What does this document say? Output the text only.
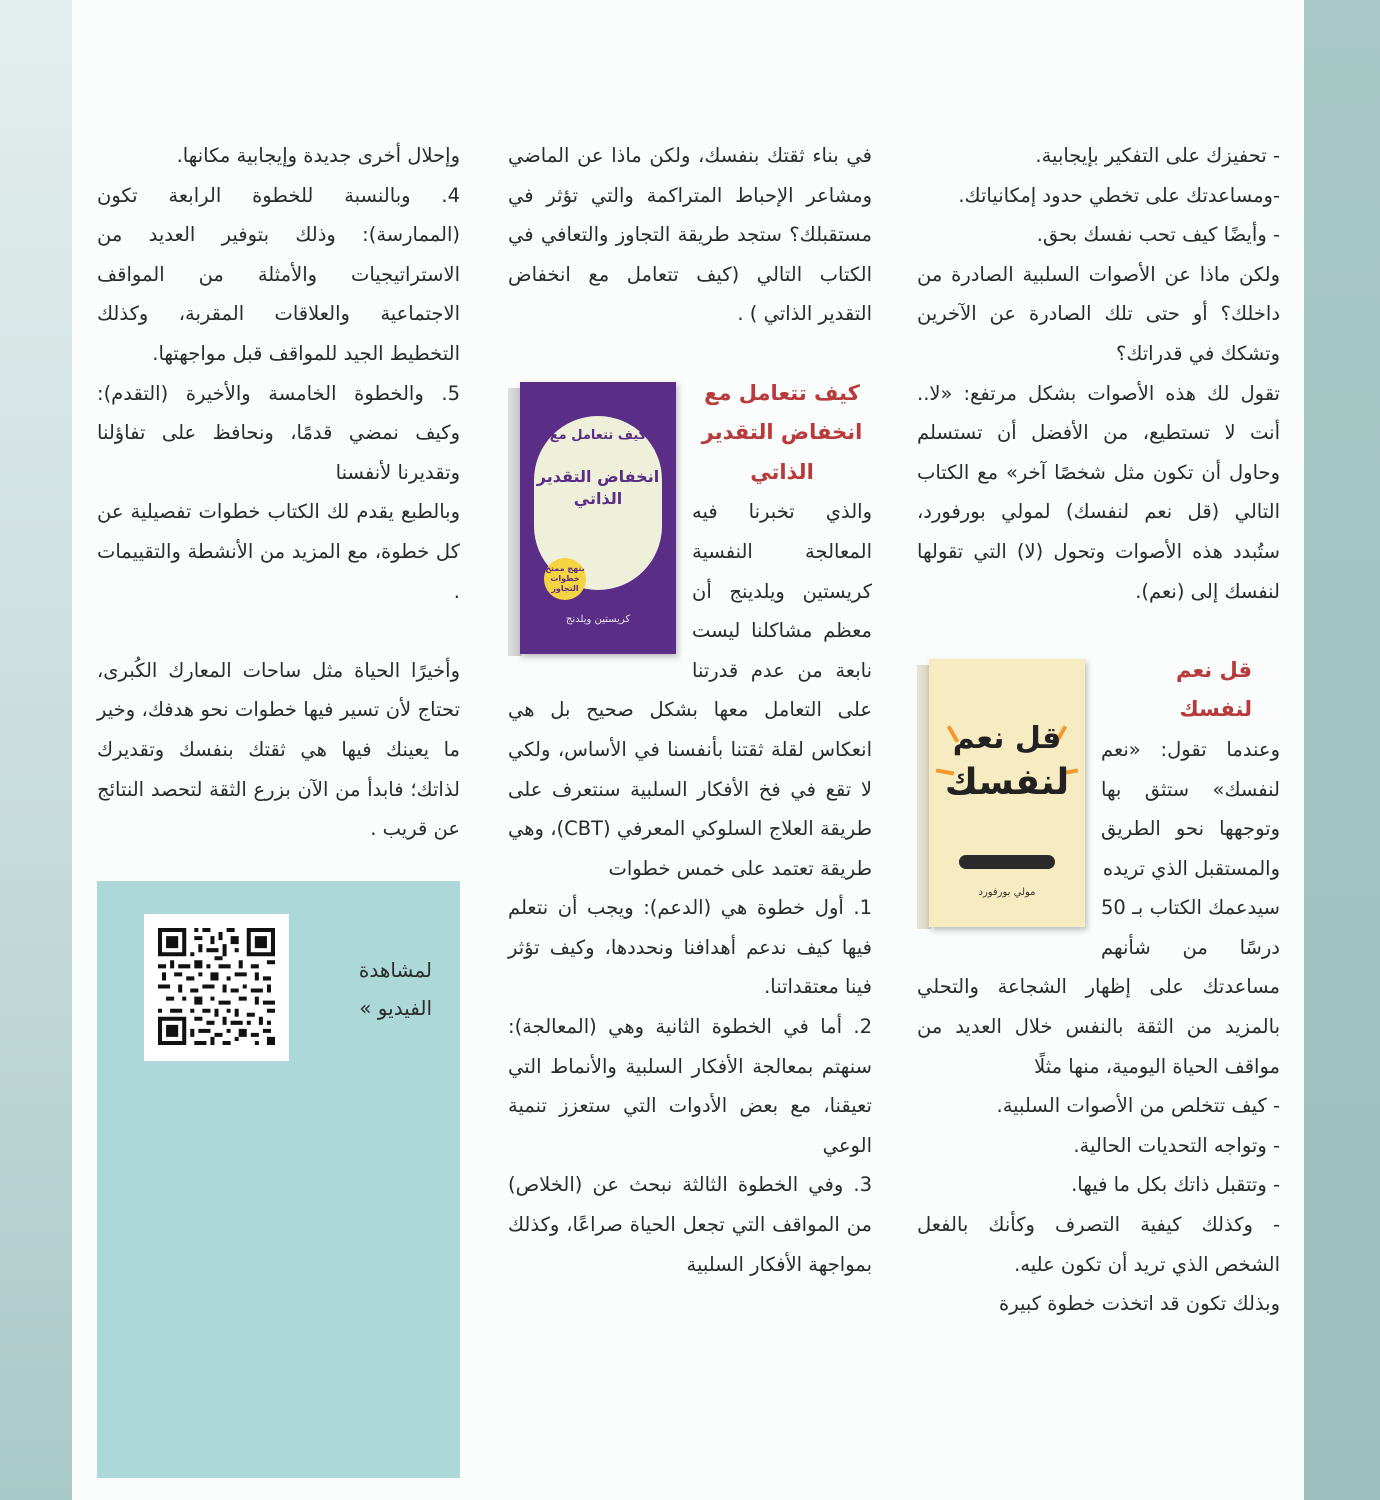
- تحفيزك على التفكير بإيجابية.

-ومساعدتك على تخطي حدود إمكانياتك.

- وأيضًا كيف تحب نفسك بحق.

ولكن ماذا عن الأصوات السلبية الصادرة من داخلك؟ أو حتى تلك الصادرة عن الآخرين وتشكك في قدراتك؟

تقول لك هذه الأصوات بشكل مرتفع: «لا.. أنت لا تستطيع، من الأفضل أن تستسلم وحاول أن تكون مثل شخصًا آخر» مع الكتاب التالي (قل نعم لنفسك) لمولي بورفورد، ستُبدد هذه الأصوات وتحول (لا) التي تقولها لنفسك إلى (نعم).

قل نعم
لنفسك
مولي بورفورد

قل نعم لنفسك

وعندما تقول: «نعم لنفسك» ستثق بها وتوجهها نحو الطريق والمستقبل الذي تريده

سيدعمك الكتاب بـ 50 درسًا من شأنهم مساعدتك على إظهار الشجاعة والتحلي بالمزيد من الثقة بالنفس خلال العديد من مواقف الحياة اليومية، منها مثلًا

- كيف تتخلص من الأصوات السلبية.

- وتواجه التحديات الحالية.

- وتتقبل ذاتك بكل ما فيها.

- وكذلك كيفية التصرف وكأنك بالفعل الشخص الذي تريد أن تكون عليه.

وبذلك تكون قد اتخذت خطوة كبيرة

في بناء ثقتك بنفسك، ولكن ماذا عن الماضي ومشاعر الإحباط المتراكمة والتي تؤثر في مستقبلك؟ ستجد طريقة التجاوز والتعافي في الكتاب التالي (كيف تتعامل مع انخفاض التقدير الذاتي ) .

كيف تتعامل مع
انخفاض التقدير الذاتي
بنهج ممنح خطوات التجاوز
كريستين ويلدنج

كيف تتعامل مع

انخفاض التقدير

الذاتي

والذي تخبرنا فيه المعالجة النفسية كريستين ويلدينج أن معظم مشاكلنا ليست نابعة من عدم قدرتنا على التعامل معها بشكل صحيح بل هي انعكاس لقلة ثقتنا بأنفسنا في الأساس، ولكي لا تقع في فخ الأفكار السلبية سنتعرف على طريقة العلاج السلوكي المعرفي (CBT)، وهي طريقة تعتمد على خمس خطوات

1. أول خطوة هي (الدعم): ويجب أن نتعلم فيها كيف ندعم أهدافنا ونحددها، وكيف تؤثر فينا معتقداتنا.

2. أما في الخطوة الثانية وهي (المعالجة): سنهتم بمعالجة الأفكار السلبية والأنماط التي تعيقنا، مع بعض الأدوات التي ستعزز تنمية الوعي

3. وفي الخطوة الثالثة نبحث عن (الخلاص) من المواقف التي تجعل الحياة صراعًا، وكذلك بمواجهة الأفكار السلبية

وإحلال أخرى جديدة وإيجابية مكانها.

4. وبالنسبة للخطوة الرابعة تكون (الممارسة): وذلك بتوفير العديد من الاستراتيجيات والأمثلة من المواقف الاجتماعية والعلاقات المقربة، وكذلك التخطيط الجيد للمواقف قبل مواجهتها.

5. والخطوة الخامسة والأخيرة (التقدم): وكيف نمضي قدمًا، ونحافظ على تفاؤلنا وتقديرنا لأنفسنا

وبالطبع يقدم لك الكتاب خطوات تفصيلية عن كل خطوة، مع المزيد من الأنشطة والتقييمات .

وأخيرًا الحياة مثل ساحات المعارك الكُبرى، تحتاج لأن تسير فيها خطوات نحو هدفك، وخير ما يعينك فيها هي ثقتك بنفسك وتقديرك لذاتك؛ فابدأ من الآن بزرع الثقة لتحصد النتائج عن قريب .

لمشاهدة
الفيديو »
